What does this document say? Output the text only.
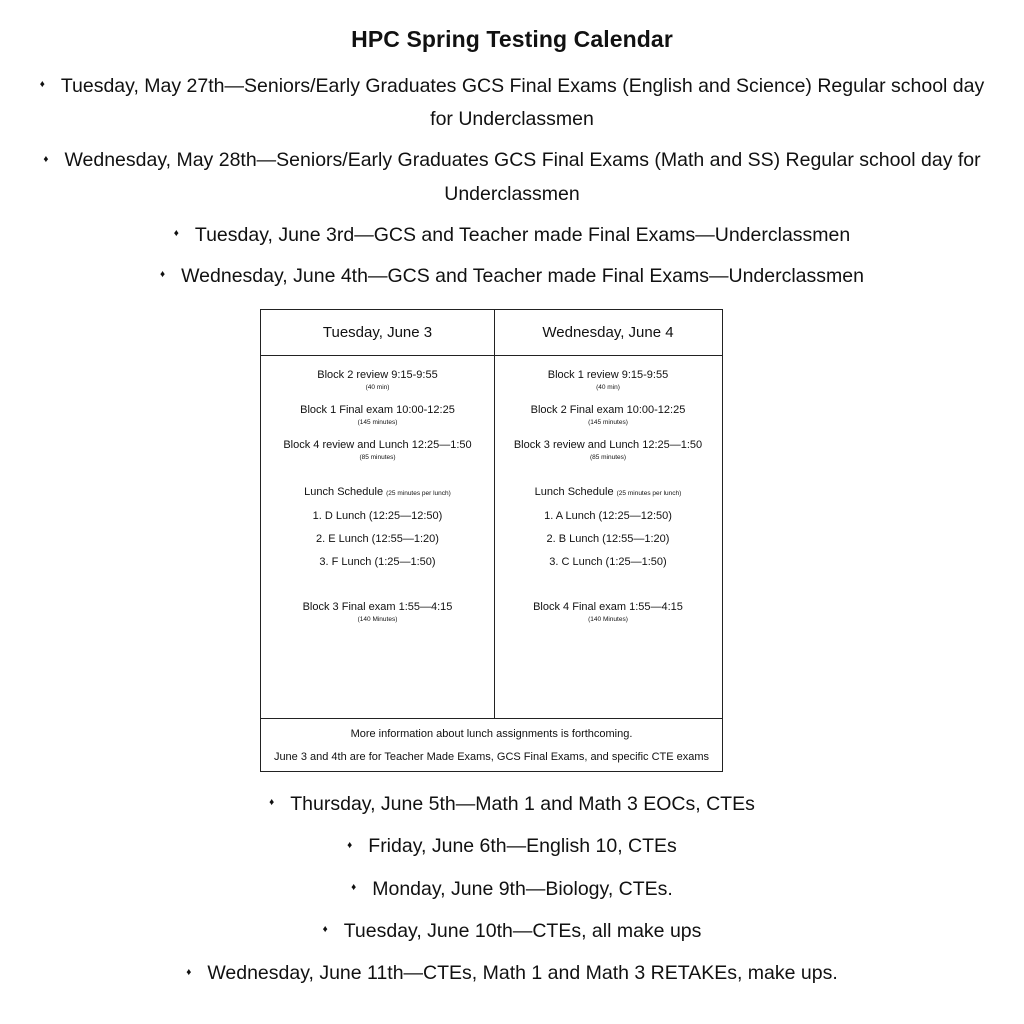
HPC Spring Testing Calendar
♦ Tuesday, May 27th—Seniors/Early Graduates GCS Final Exams (English and Science) Regular school day for Underclassmen
♦ Wednesday, May 28th—Seniors/Early Graduates GCS Final Exams (Math and SS) Regular school day for Underclassmen
♦ Tuesday, June 3rd—GCS and Teacher made Final Exams—Underclassmen
♦ Wednesday, June 4th—GCS and Teacher made Final Exams—Underclassmen
Tuesday, June 3
Block 2 review 9:15-9:55
(40 min)
Block 1 Final exam 10:00-12:25
(145 minutes)
Block 4 review and Lunch 12:25—1:50
(85 minutes)
Lunch Schedule (25 minutes per lunch)
1. D Lunch (12:25—12:50)
2. E Lunch (12:55—1:20)
3. F Lunch (1:25—1:50)
Block 3 Final exam 1:55—4:15
(140 Minutes)
Wednesday, June 4
Block 1 review 9:15-9:55
(40 min)
Block 2 Final exam 10:00-12:25
(145 minutes)
Block 3 review and Lunch 12:25—1:50
(85 minutes)
Lunch Schedule (25 minutes per lunch)
1. A Lunch (12:25—12:50)
2. B Lunch (12:55—1:20)
3. C Lunch (1:25—1:50)
Block 4 Final exam 1:55—4:15
(140 Minutes)
More information about lunch assignments is forthcoming.
June 3 and 4th are for Teacher Made Exams, GCS Final Exams, and specific CTE exams
♦ Thursday, June 5th—Math 1 and Math 3 EOCs, CTEs
♦ Friday, June 6th—English 10, CTEs
♦ Monday, June 9th—Biology, CTEs.
♦ Tuesday, June 10th—CTEs, all make ups
♦ Wednesday, June 11th—CTEs, Math 1 and Math 3 RETAKEs, make ups.
